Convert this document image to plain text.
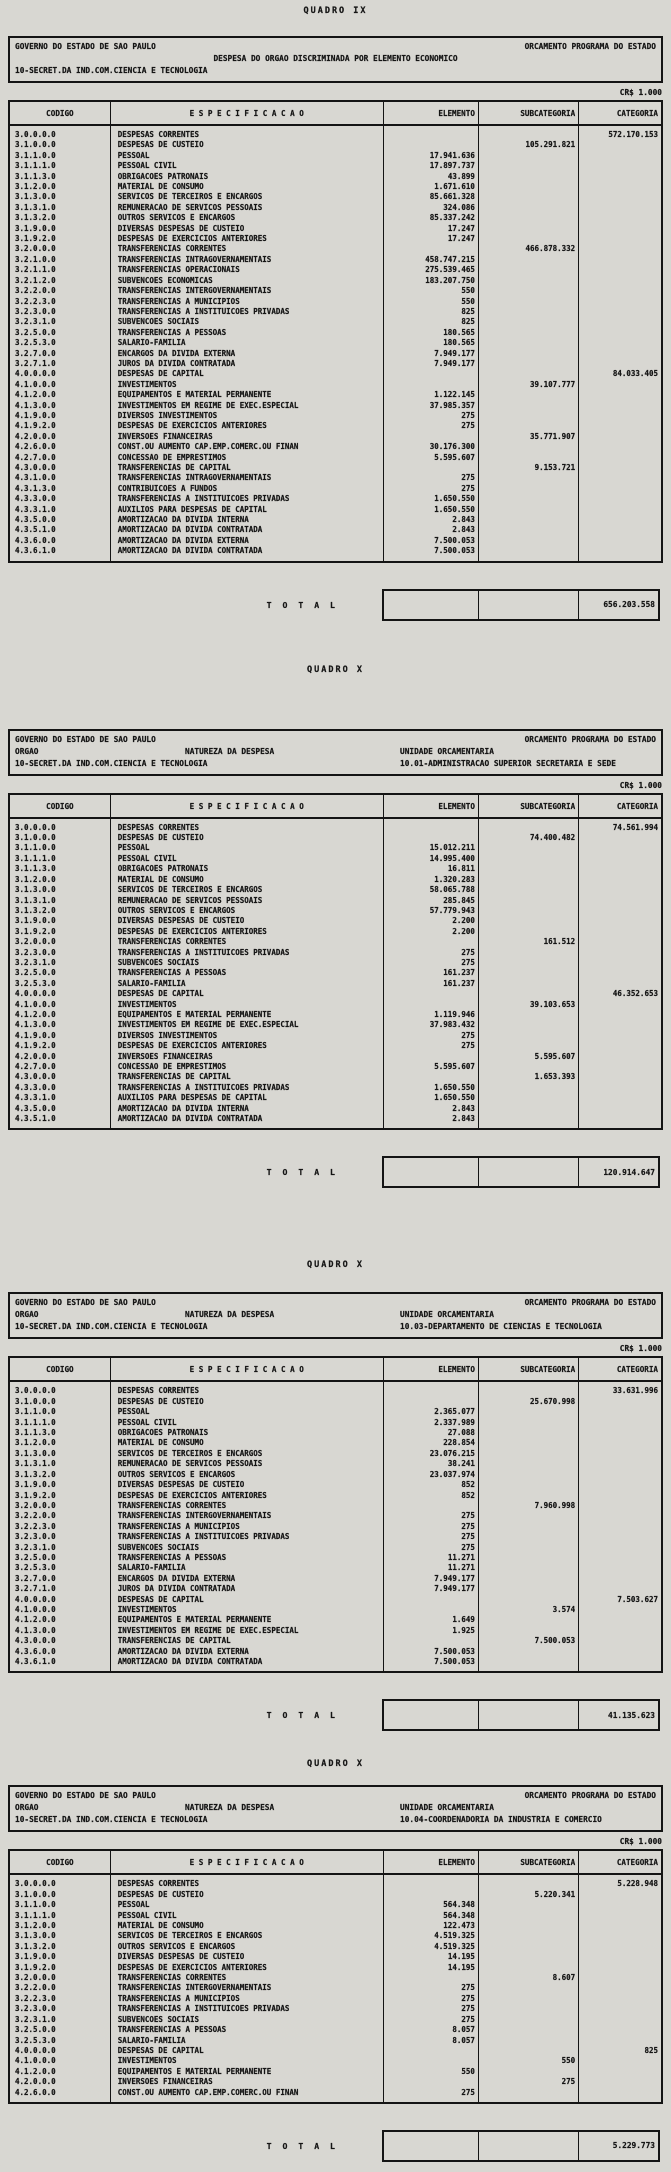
QUADRO IX
GOVERNO DO ESTADO DE SAO PAULO	ORCAMENTO PROGRAMA DO ESTADO
DESPESA DO ORGAO DISCRIMINADA POR ELEMENTO ECONOMICO
10-SECRET.DA IND.COM.CIENCIA E TECNOLOGIA
CR$ 1.000
CODIGO	E S P E C I F I C A C A O	ELEMENTO	SUBCATEGORIA	CATEGORIA
3.0.0.0.0	DESPESAS CORRENTES			572.170.153
3.1.0.0.0	DESPESAS DE CUSTEIO		105.291.821	
3.1.1.0.0	PESSOAL	17.941.636		
3.1.1.1.0	PESSOAL CIVIL	17.897.737		
3.1.1.3.0	OBRIGACOES PATRONAIS	43.899		
3.1.2.0.0	MATERIAL DE CONSUMO	1.671.610		
3.1.3.0.0	SERVICOS DE TERCEIROS E ENCARGOS	85.661.328		
3.1.3.1.0	REMUNERACAO DE SERVICOS PESSOAIS	324.086		
3.1.3.2.0	OUTROS SERVICOS E ENCARGOS	85.337.242		
3.1.9.0.0	DIVERSAS DESPESAS DE CUSTEIO	17.247		
3.1.9.2.0	DESPESAS DE EXERCICIOS ANTERIORES	17.247		
3.2.0.0.0	TRANSFERENCIAS CORRENTES		466.878.332	
3.2.1.0.0	TRANSFERENCIAS INTRAGOVERNAMENTAIS	458.747.215		
3.2.1.1.0	TRANSFERENCIAS OPERACIONAIS	275.539.465		
3.2.1.2.0	SUBVENCOES ECONOMICAS	183.207.750		
3.2.2.0.0	TRANSFERENCIAS INTERGOVERNAMENTAIS	550		
3.2.2.3.0	TRANSFERENCIAS A MUNICIPIOS	550		
3.2.3.0.0	TRANSFERENCIAS A INSTITUICOES PRIVADAS	825		
3.2.3.1.0	SUBVENCOES SOCIAIS	825		
3.2.5.0.0	TRANSFERENCIAS A PESSOAS	180.565		
3.2.5.3.0	SALARIO-FAMILIA	180.565		
3.2.7.0.0	ENCARGOS DA DIVIDA EXTERNA	7.949.177		
3.2.7.1.0	JUROS DA DIVIDA CONTRATADA	7.949.177		
4.0.0.0.0	DESPESAS DE CAPITAL			84.033.405
4.1.0.0.0	INVESTIMENTOS		39.107.777	
4.1.2.0.0	EQUIPAMENTOS E MATERIAL PERMANENTE	1.122.145		
4.1.3.0.0	INVESTIMENTOS EM REGIME DE EXEC.ESPECIAL	37.985.357		
4.1.9.0.0	DIVERSOS INVESTIMENTOS	275		
4.1.9.2.0	DESPESAS DE EXERCICIOS ANTERIORES	275		
4.2.0.0.0	INVERSOES FINANCEIRAS		35.771.907	
4.2.6.0.0	CONST.OU AUMENTO CAP.EMP.COMERC.OU FINAN	30.176.300		
4.2.7.0.0	CONCESSAO DE EMPRESTIMOS	5.595.607		
4.3.0.0.0	TRANSFERENCIAS DE CAPITAL		9.153.721	
4.3.1.0.0	TRANSFERENCIAS INTRAGOVERNAMENTAIS	275		
4.3.1.3.0	CONTRIBUICOES A FUNDOS	275		
4.3.3.0.0	TRANSFERENCIAS A INSTITUICOES PRIVADAS	1.650.550		
4.3.3.1.0	AUXILIOS PARA DESPESAS DE CAPITAL	1.650.550		
4.3.5.0.0	AMORTIZACAO DA DIVIDA INTERNA	2.843		
4.3.5.1.0	AMORTIZACAO DA DIVIDA CONTRATADA	2.843		
4.3.6.0.0	AMORTIZACAO DA DIVIDA EXTERNA	7.500.053		
4.3.6.1.0	AMORTIZACAO DA DIVIDA CONTRATADA	7.500.053		
T O T A L	656.203.558
QUADRO X
GOVERNO DO ESTADO DE SAO PAULO	ORCAMENTO PROGRAMA DO ESTADO
ORGAO	NATUREZA DA DESPESA	UNIDADE ORCAMENTARIA
10-SECRET.DA IND.COM.CIENCIA E TECNOLOGIA	10.01-ADMINISTRACAO SUPERIOR SECRETARIA E SEDE
CR$ 1.000
CODIGO	E S P E C I F I C A C A O	ELEMENTO	SUBCATEGORIA	CATEGORIA
3.0.0.0.0	DESPESAS CORRENTES			74.561.994
3.1.0.0.0	DESPESAS DE CUSTEIO		74.400.482	
3.1.1.0.0	PESSOAL	15.012.211		
3.1.1.1.0	PESSOAL CIVIL	14.995.400		
3.1.1.3.0	OBRIGACOES PATRONAIS	16.811		
3.1.2.0.0	MATERIAL DE CONSUMO	1.320.283		
3.1.3.0.0	SERVICOS DE TERCEIROS E ENCARGOS	58.065.788		
3.1.3.1.0	REMUNERACAO DE SERVICOS PESSOAIS	285.845		
3.1.3.2.0	OUTROS SERVICOS E ENCARGOS	57.779.943		
3.1.9.0.0	DIVERSAS DESPESAS DE CUSTEIO	2.200		
3.1.9.2.0	DESPESAS DE EXERCICIOS ANTERIORES	2.200		
3.2.0.0.0	TRANSFERENCIAS CORRENTES		161.512	
3.2.3.0.0	TRANSFERENCIAS A INSTITUICOES PRIVADAS	275		
3.2.3.1.0	SUBVENCOES SOCIAIS	275		
3.2.5.0.0	TRANSFERENCIAS A PESSOAS	161.237		
3.2.5.3.0	SALARIO-FAMILIA	161.237		
4.0.0.0.0	DESPESAS DE CAPITAL			46.352.653
4.1.0.0.0	INVESTIMENTOS		39.103.653	
4.1.2.0.0	EQUIPAMENTOS E MATERIAL PERMANENTE	1.119.946		
4.1.3.0.0	INVESTIMENTOS EM REGIME DE EXEC.ESPECIAL	37.983.432		
4.1.9.0.0	DIVERSOS INVESTIMENTOS	275		
4.1.9.2.0	DESPESAS DE EXERCICIOS ANTERIORES	275		
4.2.0.0.0	INVERSOES FINANCEIRAS		5.595.607	
4.2.7.0.0	CONCESSAO DE EMPRESTIMOS	5.595.607		
4.3.0.0.0	TRANSFERENCIAS DE CAPITAL		1.653.393	
4.3.3.0.0	TRANSFERENCIAS A INSTITUICOES PRIVADAS	1.650.550		
4.3.3.1.0	AUXILIOS PARA DESPESAS DE CAPITAL	1.650.550		
4.3.5.0.0	AMORTIZACAO DA DIVIDA INTERNA	2.843		
4.3.5.1.0	AMORTIZACAO DA DIVIDA CONTRATADA	2.843		
T O T A L	120.914.647
QUADRO X
GOVERNO DO ESTADO DE SAO PAULO	ORCAMENTO PROGRAMA DO ESTADO
ORGAO	NATUREZA DA DESPESA	UNIDADE ORCAMENTARIA
10-SECRET.DA IND.COM.CIENCIA E TECNOLOGIA	10.03-DEPARTAMENTO DE CIENCIAS E TECNOLOGIA
CR$ 1.000
CODIGO	E S P E C I F I C A C A O	ELEMENTO	SUBCATEGORIA	CATEGORIA
3.0.0.0.0	DESPESAS CORRENTES			33.631.996
3.1.0.0.0	DESPESAS DE CUSTEIO		25.670.998	
3.1.1.0.0	PESSOAL	2.365.077		
3.1.1.1.0	PESSOAL CIVIL	2.337.989		
3.1.1.3.0	OBRIGACOES PATRONAIS	27.088		
3.1.2.0.0	MATERIAL DE CONSUMO	228.854		
3.1.3.0.0	SERVICOS DE TERCEIROS E ENCARGOS	23.076.215		
3.1.3.1.0	REMUNERACAO DE SERVICOS PESSOAIS	38.241		
3.1.3.2.0	OUTROS SERVICOS E ENCARGOS	23.037.974		
3.1.9.0.0	DIVERSAS DESPESAS DE CUSTEIO	852		
3.1.9.2.0	DESPESAS DE EXERCICIOS ANTERIORES	852		
3.2.0.0.0	TRANSFERENCIAS CORRENTES		7.960.998	
3.2.2.0.0	TRANSFERENCIAS INTERGOVERNAMENTAIS	275		
3.2.2.3.0	TRANSFERENCIAS A MUNICIPIOS	275		
3.2.3.0.0	TRANSFERENCIAS A INSTITUICOES PRIVADAS	275		
3.2.3.1.0	SUBVENCOES SOCIAIS	275		
3.2.5.0.0	TRANSFERENCIAS A PESSOAS	11.271		
3.2.5.3.0	SALARIO-FAMILIA	11.271		
3.2.7.0.0	ENCARGOS DA DIVIDA EXTERNA	7.949.177		
3.2.7.1.0	JUROS DA DIVIDA CONTRATADA	7.949.177		
4.0.0.0.0	DESPESAS DE CAPITAL			7.503.627
4.1.0.0.0	INVESTIMENTOS		3.574	
4.1.2.0.0	EQUIPAMENTOS E MATERIAL PERMANENTE	1.649		
4.1.3.0.0	INVESTIMENTOS EM REGIME DE EXEC.ESPECIAL	1.925		
4.3.0.0.0	TRANSFERENCIAS DE CAPITAL		7.500.053	
4.3.6.0.0	AMORTIZACAO DA DIVIDA EXTERNA	7.500.053		
4.3.6.1.0	AMORTIZACAO DA DIVIDA CONTRATADA	7.500.053		
T O T A L	41.135.623
QUADRO X
GOVERNO DO ESTADO DE SAO PAULO	ORCAMENTO PROGRAMA DO ESTADO
ORGAO	NATUREZA DA DESPESA	UNIDADE ORCAMENTARIA
10-SECRET.DA IND.COM.CIENCIA E TECNOLOGIA	10.04-COORDENADORIA DA INDUSTRIA E COMERCIO
CR$ 1.000
CODIGO	E S P E C I F I C A C A O	ELEMENTO	SUBCATEGORIA	CATEGORIA
3.0.0.0.0	DESPESAS CORRENTES			5.228.948
3.1.0.0.0	DESPESAS DE CUSTEIO		5.220.341	
3.1.1.0.0	PESSOAL	564.348		
3.1.1.1.0	PESSOAL CIVIL	564.348		
3.1.2.0.0	MATERIAL DE CONSUMO	122.473		
3.1.3.0.0	SERVICOS DE TERCEIROS E ENCARGOS	4.519.325		
3.1.3.2.0	OUTROS SERVICOS E ENCARGOS	4.519.325		
3.1.9.0.0	DIVERSAS DESPESAS DE CUSTEIO	14.195		
3.1.9.2.0	DESPESAS DE EXERCICIOS ANTERIORES	14.195		
3.2.0.0.0	TRANSFERENCIAS CORRENTES		8.607	
3.2.2.0.0	TRANSFERENCIAS INTERGOVERNAMENTAIS	275		
3.2.2.3.0	TRANSFERENCIAS A MUNICIPIOS	275		
3.2.3.0.0	TRANSFERENCIAS A INSTITUICOES PRIVADAS	275		
3.2.3.1.0	SUBVENCOES SOCIAIS	275		
3.2.5.0.0	TRANSFERENCIAS A PESSOAS	8.057		
3.2.5.3.0	SALARIO-FAMILIA	8.057		
4.0.0.0.0	DESPESAS DE CAPITAL			825
4.1.0.0.0	INVESTIMENTOS		550	
4.1.2.0.0	EQUIPAMENTOS E MATERIAL PERMANENTE	550		
4.2.0.0.0	INVERSOES FINANCEIRAS		275	
4.2.6.0.0	CONST.OU AUMENTO CAP.EMP.COMERC.OU FINAN	275		
T O T A L	5.229.773
